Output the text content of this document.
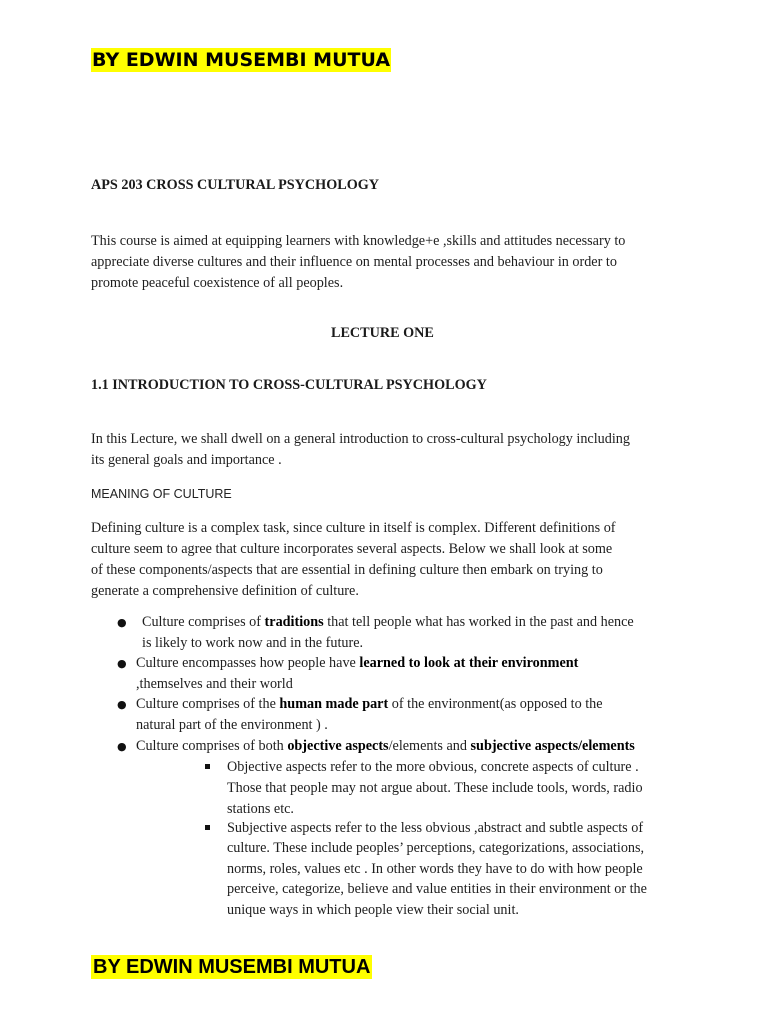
BY EDWIN MUSEMBI MUTUA
APS 203 CROSS CULTURAL PSYCHOLOGY
This course is aimed at equipping learners with knowledge+e ,skills and attitudes necessary to
appreciate diverse cultures and their influence on mental processes and behaviour in order to
promote peaceful coexistence of all peoples.
LECTURE ONE
1.1 INTRODUCTION TO CROSS-CULTURAL PSYCHOLOGY
In this Lecture, we shall dwell on a general introduction to cross-cultural psychology including
its general goals and importance .
MEANING OF CULTURE
Defining culture is a complex task, since culture in itself is complex. Different definitions of
culture seem to agree that culture incorporates several aspects. Below we shall look at some
of these components/aspects that are essential in defining culture then embark on trying to
generate a comprehensive definition of culture.
● Culture comprises of traditions that tell people what has worked in the past and hence
is likely to work now and in the future.
● Culture encompasses how people have learned to look at their environment
,themselves and their world
● Culture comprises of the human made part of the environment(as opposed to the
natural part of the environment ) .
● Culture comprises of both objective aspects/elements and subjective aspects/elements
Objective aspects refer to the more obvious, concrete aspects of culture .
Those that people may not argue about. These include tools, words, radio
stations etc.
Subjective aspects refer to the less obvious ,abstract and subtle aspects of
culture. These include peoples’ perceptions, categorizations, associations,
norms, roles, values etc . In other words they have to do with how people
perceive, categorize, believe and value entities in their environment or the
unique ways in which people view their social unit.
BY EDWIN MUSEMBI MUTUA
